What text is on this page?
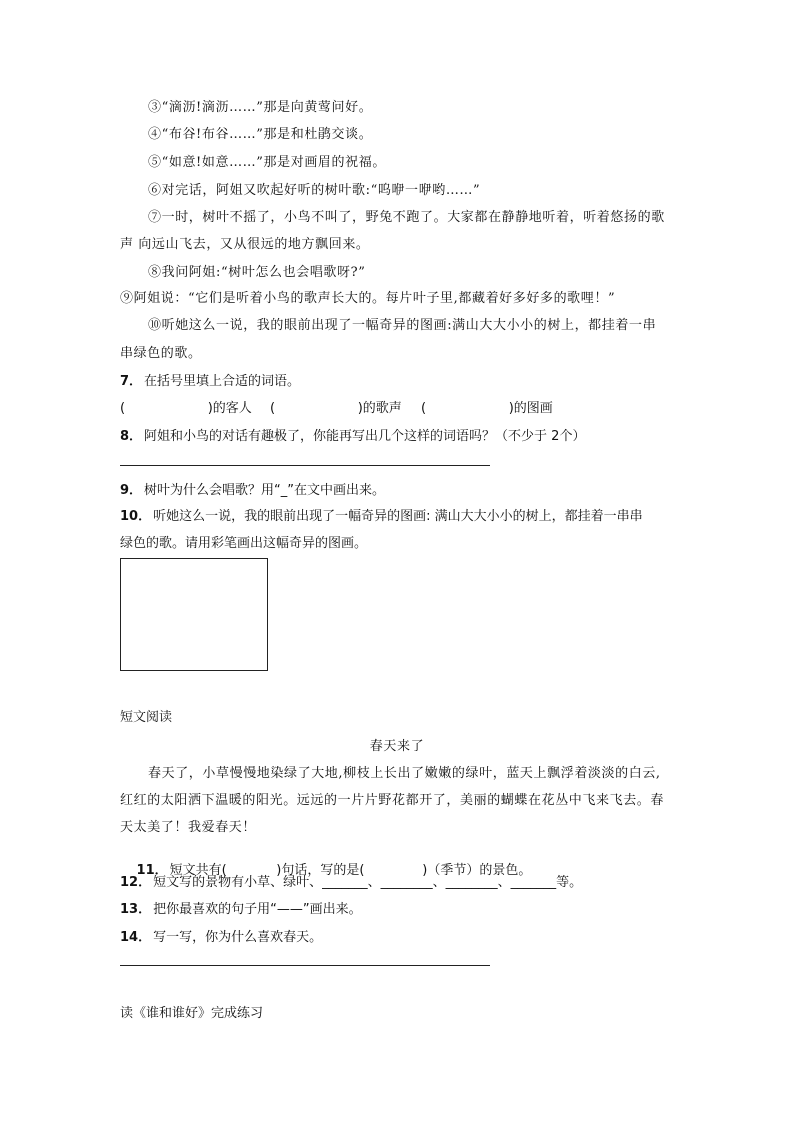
③“滴沥!滴沥……”那是向黄莺问好。

④“布谷!布谷……”那是和杜鹃交谈。

⑤“如意!如意……”那是对画眉的祝福。

⑥对完话，阿姐又吹起好听的树叶歌:“呜咿一咿哟……”

⑦一时，树叶不摇了，小鸟不叫了，野兔不跑了。大家都在静静地听着，听着悠扬的歌

声 向远山飞去，又从很远的地方飘回来。

⑧我问阿姐:“树叶怎么也会唱歌呀?”

⑨阿姐说：“它们是听着小鸟的歌声长大的。每片叶子里,都藏着好多好多的歌哩！”

⑩听她这么一说，我的眼前出现了一幅奇异的图画:满山大大小小的树上，都挂着一串

串绿色的歌。

7． 在括号里填上合适的词语。

(                    )的客人 (                    )的歌声 (                    )的图画

8． 阿姐和小鸟的对话有趣极了，你能再写出几个这样的词语吗？（不少于 2个）

9． 树叶为什么会唱歌？用“_”在文中画出来。

10． 听她这么一说，我的眼前出现了一幅奇异的图画: 满山大大小小的树上，都挂着一串串

绿色的歌。请用彩笔画出这幅奇异的图画。

短文阅读

春天来了

春天了，小草慢慢地染绿了大地,柳枝上长出了嫩嫩的绿叶，蓝天上飘浮着淡淡的白云,

红红的太阳洒下温暖的阳光。远远的一片片野花都开了，美丽的蝴蝶在花丛中飞来飞去。春

天太美了！我爱春天！

11． 短文共有(            )句话，写的是(              )（季节）的景色。

12． 短文写的景物有小草、绿叶、_______、________、________、_______等。

13． 把你最喜欢的句子用“——”画出来。

14． 写一写，你为什么喜欢春天。

读《谁和谁好》完成练习
